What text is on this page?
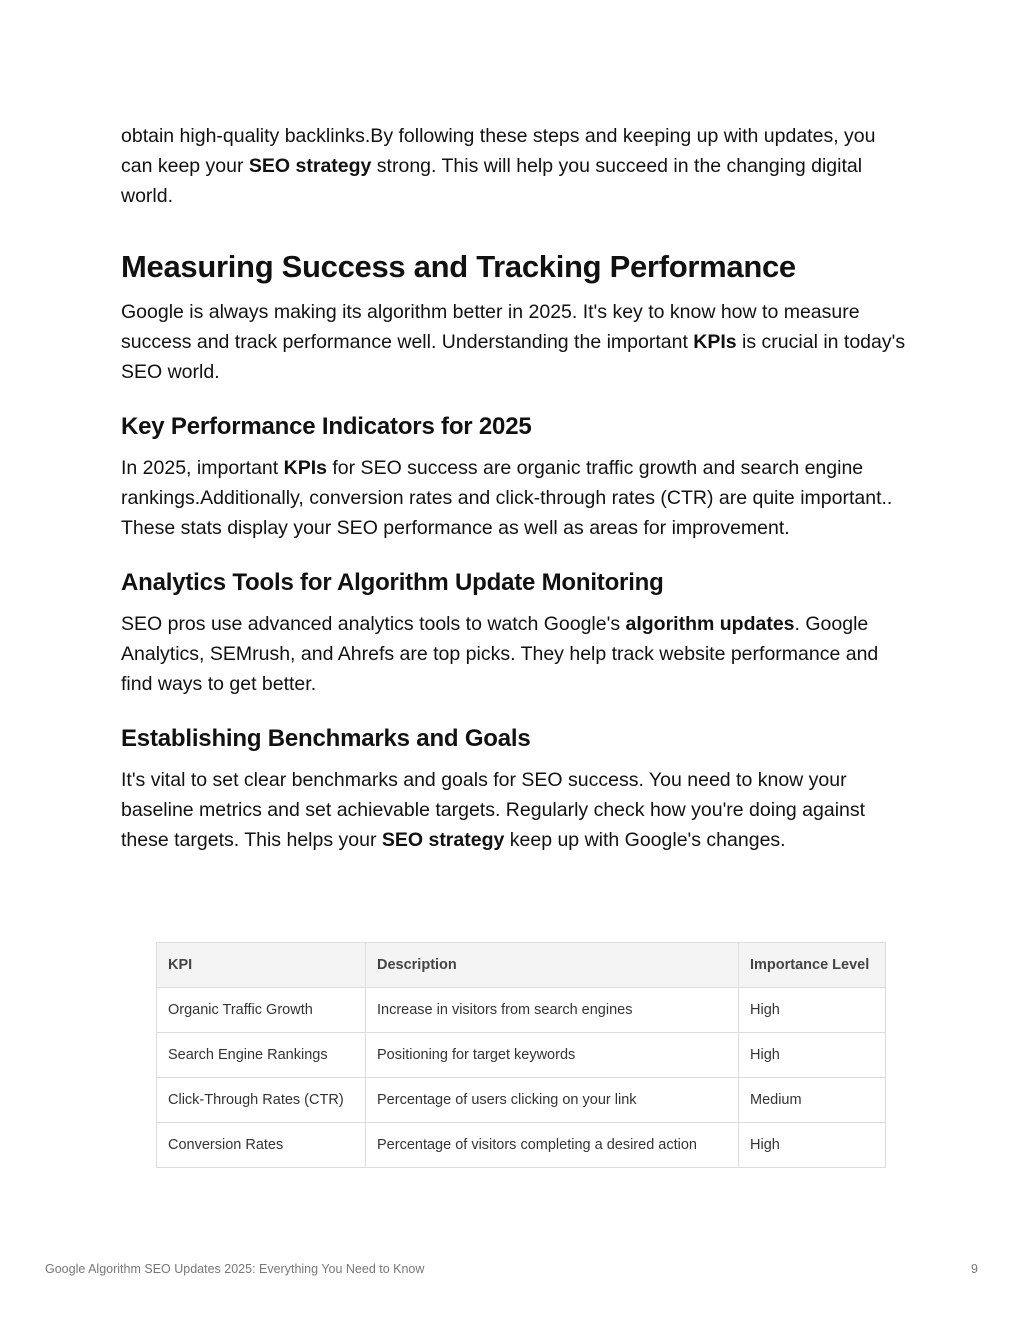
obtain high-quality backlinks.By following these steps and keeping up with updates, you can keep your SEO strategy strong. This will help you succeed in the changing digital world.

Measuring Success and Tracking Performance

Google is always making its algorithm better in 2025. It's key to know how to measure success and track performance well. Understanding the important KPIs is crucial in today's SEO world.

Key Performance Indicators for 2025

In 2025, important KPIs for SEO success are organic traffic growth and search engine rankings.Additionally, conversion rates and click-through rates (CTR) are quite important.. These stats display your SEO performance as well as areas for improvement.

Analytics Tools for Algorithm Update Monitoring

SEO pros use advanced analytics tools to watch Google's algorithm updates. Google Analytics, SEMrush, and Ahrefs are top picks. They help track website performance and find ways to get better.

Establishing Benchmarks and Goals

It's vital to set clear benchmarks and goals for SEO success. You need to know your baseline metrics and set achievable targets. Regularly check how you're doing against these targets. This helps your SEO strategy keep up with Google's changes.

KPI	Description	Importance Level
Organic Traffic Growth	Increase in visitors from search engines	High
Search Engine Rankings	Positioning for target keywords	High
Click-Through Rates (CTR)	Percentage of users clicking on your link	Medium
Conversion Rates	Percentage of visitors completing a desired action	High
Google Algorithm SEO Updates 2025: Everything You Need to Know	9
